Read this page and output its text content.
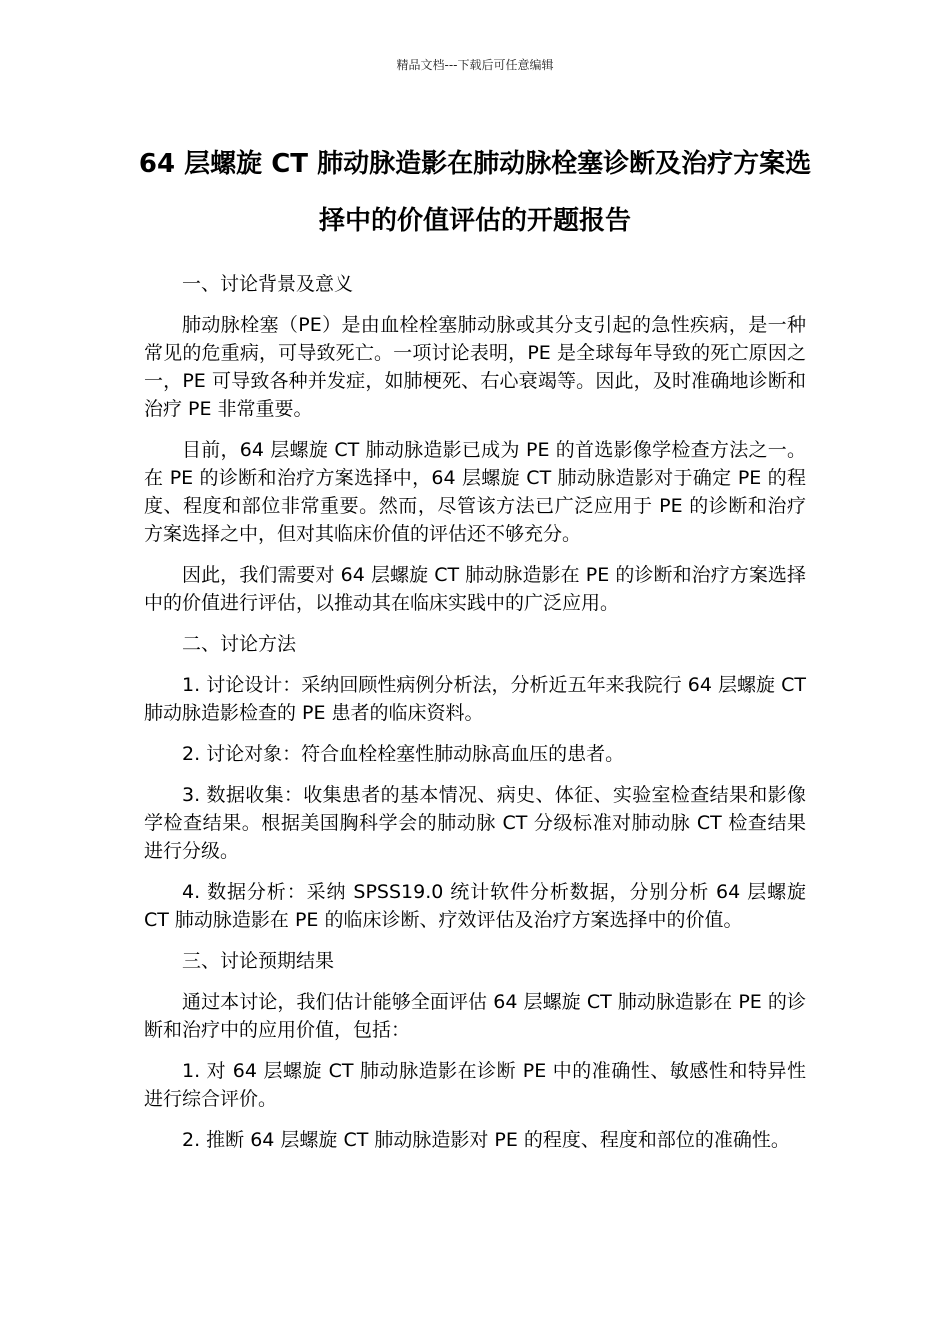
精品文档---下载后可任意编辑
64 层螺旋 CT 肺动脉造影在肺动脉栓塞诊断及治疗方案选择中的价值评估的开题报告

一、讨论背景及意义

肺动脉栓塞（PE）是由血栓栓塞肺动脉或其分支引起的急性疾病，是一种常见的危重病，可导致死亡。一项讨论表明，PE 是全球每年导致的死亡原因之一，PE 可导致各种并发症，如肺梗死、右心衰竭等。因此，及时准确地诊断和治疗 PE 非常重要。

目前，64 层螺旋 CT 肺动脉造影已成为 PE 的首选影像学检查方法之一。在 PE 的诊断和治疗方案选择中，64 层螺旋 CT 肺动脉造影对于确定 PE 的程度、程度和部位非常重要。然而，尽管该方法已广泛应用于 PE 的诊断和治疗方案选择之中，但对其临床价值的评估还不够充分。

因此，我们需要对 64 层螺旋 CT 肺动脉造影在 PE 的诊断和治疗方案选择中的价值进行评估，以推动其在临床实践中的广泛应用。

二、讨论方法

1. 讨论设计：采纳回顾性病例分析法，分析近五年来我院行 64 层螺旋 CT 肺动脉造影检查的 PE 患者的临床资料。

2. 讨论对象：符合血栓栓塞性肺动脉高血压的患者。

3. 数据收集：收集患者的基本情况、病史、体征、实验室检查结果和影像学检查结果。根据美国胸科学会的肺动脉 CT 分级标准对肺动脉 CT 检查结果进行分级。

4. 数据分析：采纳 SPSS19.0 统计软件分析数据，分别分析 64 层螺旋 CT 肺动脉造影在 PE 的临床诊断、疗效评估及治疗方案选择中的价值。

三、讨论预期结果

通过本讨论，我们估计能够全面评估 64 层螺旋 CT 肺动脉造影在 PE 的诊断和治疗中的应用价值，包括：

1. 对 64 层螺旋 CT 肺动脉造影在诊断 PE 中的准确性、敏感性和特异性进行综合评价。

2. 推断 64 层螺旋 CT 肺动脉造影对 PE 的程度、程度和部位的准确性。
